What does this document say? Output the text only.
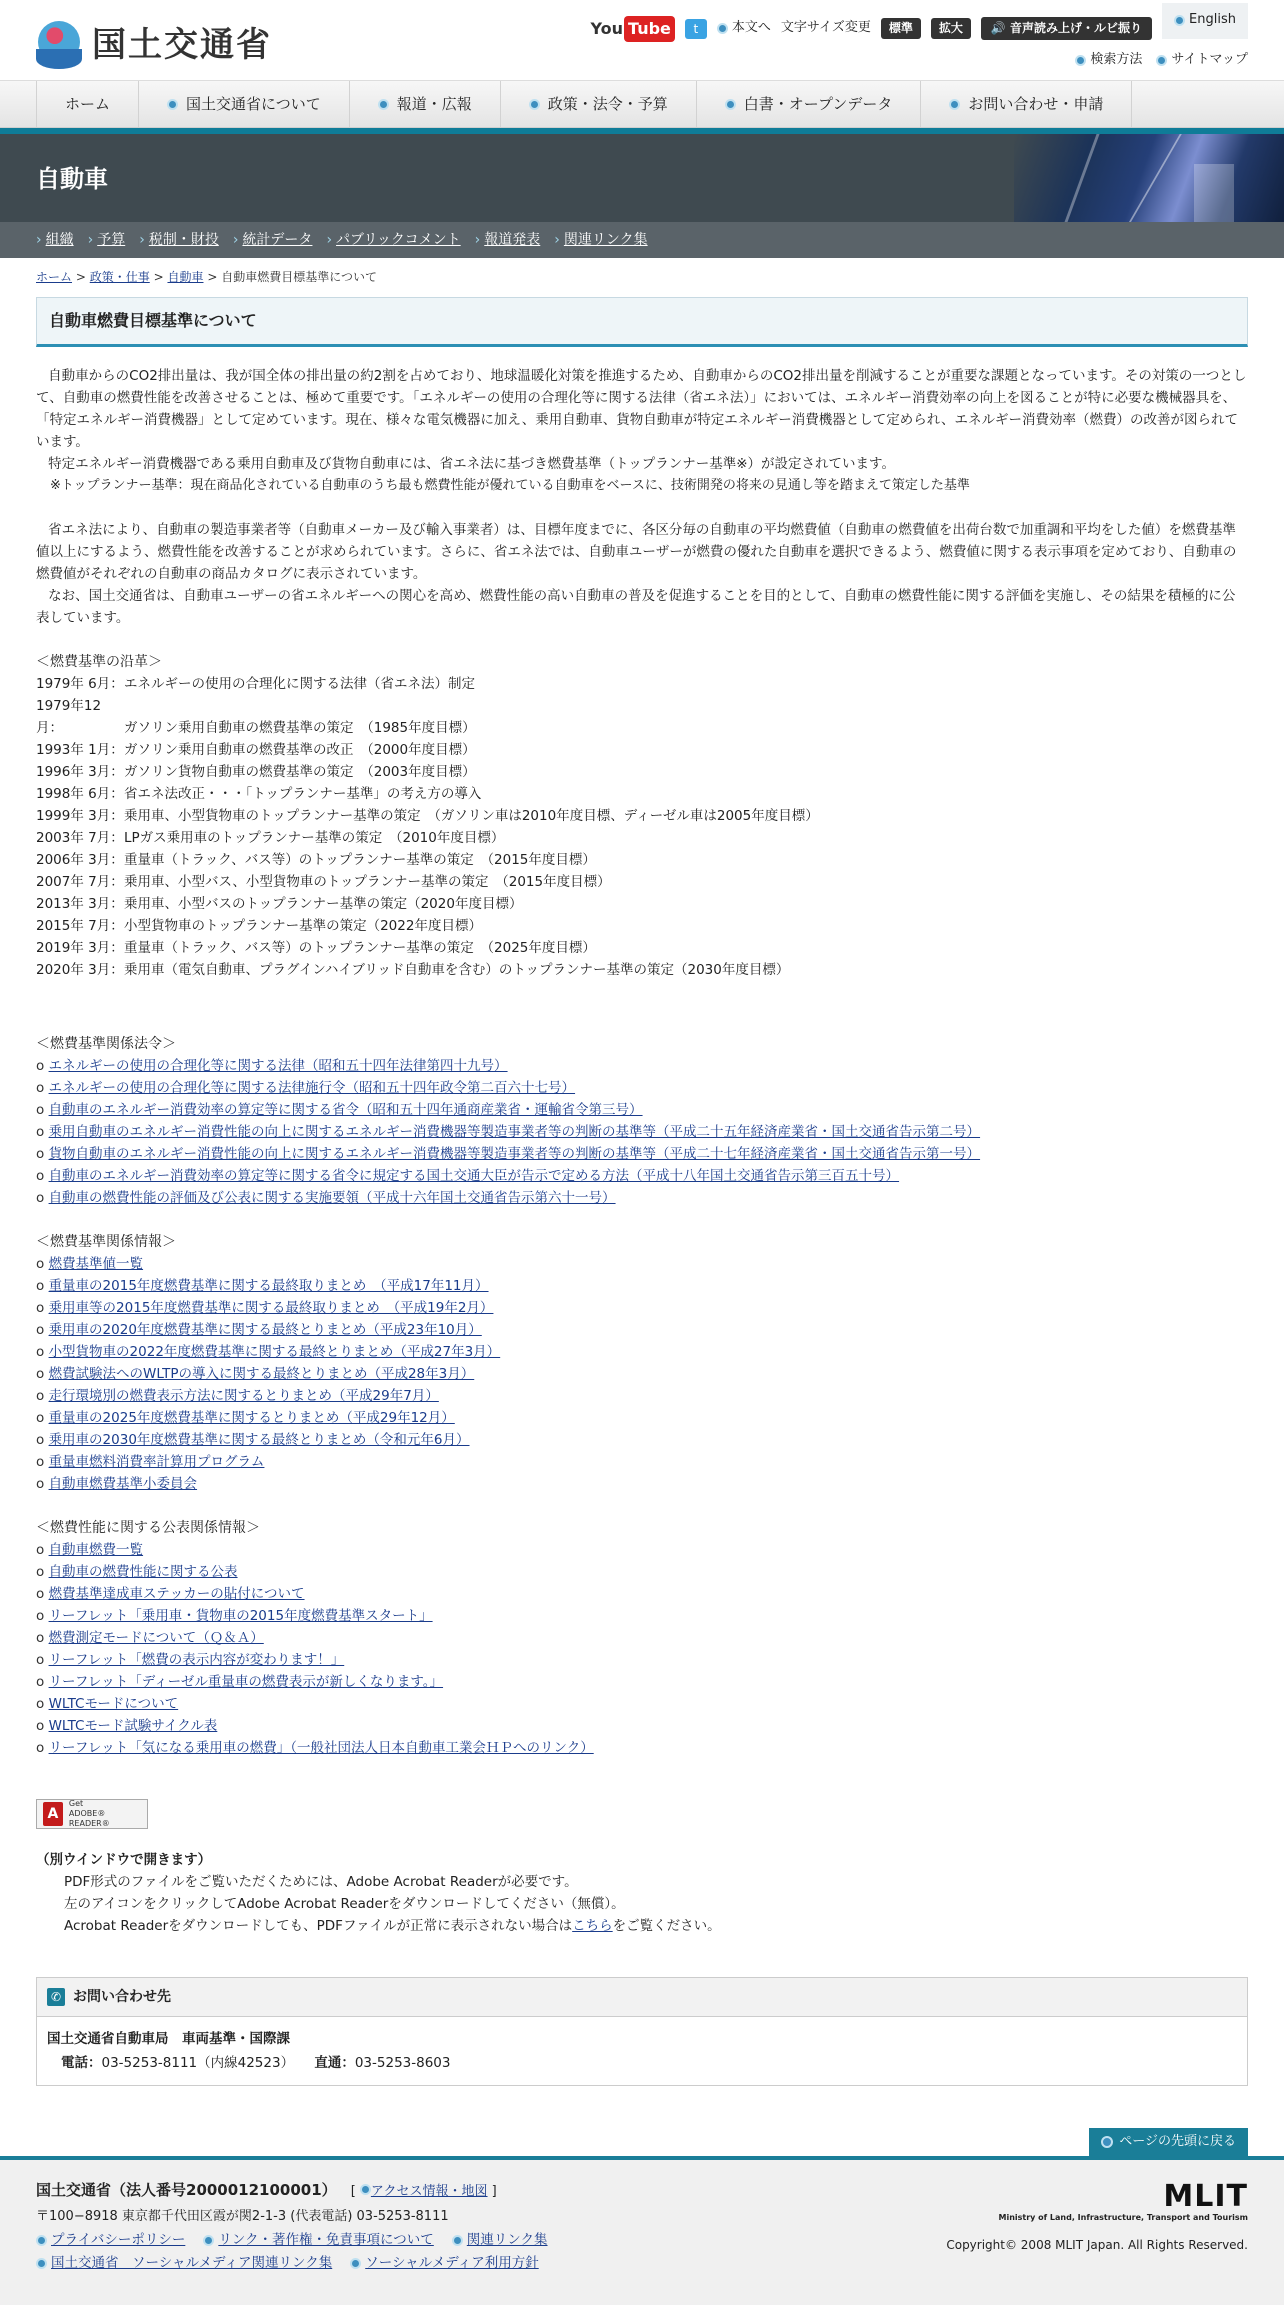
国土交通省	You Tube	t	本文へ 文字サイズ変更	標準	拡大	🔊 音声読み上げ・ルビ振り
English
検索方法 サイトマップ
ホーム	国土交通省について	報道・広報	政策・法令・予算	白書・オープンデータ	お問い合わせ・申請
自動車
› 組織 › 予算 › 税制・財投 › 統計データ › パブリックコメント › 報道発表 › 関連リンク集
ホーム > 政策・仕事 > 自動車 > 自動車燃費目標基準について
自動車燃費目標基準について

自動車からのCO2排出量は、我が国全体の排出量の約2割を占めており、地球温暖化対策を推進するため、自動車からのCO2排出量を削減することが重要な課題となっています。その対策の一つとして、自動車の燃費性能を改善させることは、極めて重要です。「エネルギーの使用の合理化等に関する法律（省エネ法）」においては、エネルギー消費効率の向上を図ることが特に必要な機械器具を、「特定エネルギー消費機器」として定めています。現在、様々な電気機器に加え、乗用自動車、貨物自動車が特定エネルギー消費機器として定められ、エネルギー消費効率（燃費）の改善が図られています。

特定エネルギー消費機器である乗用自動車及び貨物自動車には、省エネ法に基づき燃費基準（トップランナー基準※）が設定されています。

※トップランナー基準：現在商品化されている自動車のうち最も燃費性能が優れている自動車をベースに、技術開発の将来の見通し等を踏まえて策定した基準

省エネ法により、自動車の製造事業者等（自動車メーカー及び輸入事業者）は、目標年度までに、各区分毎の自動車の平均燃費値（自動車の燃費値を出荷台数で加重調和平均をした値）を燃費基準値以上にするよう、燃費性能を改善することが求められています。さらに、省エネ法では、自動車ユーザーが燃費の優れた自動車を選択できるよう、燃費値に関する表示事項を定めており、自動車の燃費値がそれぞれの自動車の商品カタログに表示されています。

なお、国土交通省は、自動車ユーザーの省エネルギーへの関心を高め、燃費性能の高い自動車の普及を促進することを目的として、自動車の燃費性能に関する評価を実施し、その結果を積極的に公表しています。

＜燃費基準の沿革＞
1979年 6月：エネルギーの使用の合理化に関する法律（省エネ法）制定
1979年12月：	ガソリン乗用自動車の燃費基準の策定　（1985年度目標）
1993年 1月：ガソリン乗用自動車の燃費基準の改正　（2000年度目標）
1996年 3月：ガソリン貨物自動車の燃費基準の策定　（2003年度目標）
1998年 6月：省エネ法改正・・・「トップランナー基準」の考え方の導入
1999年 3月：乗用車、小型貨物車のトップランナー基準の策定　（ガソリン車は2010年度目標、ディーゼル車は2005年度目標）
2003年 7月：LPガス乗用車のトップランナー基準の策定　（2010年度目標）
2006年 3月：重量車（トラック、バス等）のトップランナー基準の策定　（2015年度目標）
2007年 7月：乗用車、小型バス、小型貨物車のトップランナー基準の策定　（2015年度目標）
2013年 3月：乗用車、小型バスのトップランナー基準の策定（2020年度目標）
2015年 7月：小型貨物車のトップランナー基準の策定（2022年度目標）
2019年 3月：重量車（トラック、バス等）のトップランナー基準の策定　（2025年度目標）
2020年 3月：乗用車（電気自動車、プラグインハイブリッド自動車を含む）のトップランナー基準の策定（2030年度目標）
＜燃費基準関係法令＞
o エネルギーの使用の合理化等に関する法律（昭和五十四年法律第四十九号）
o エネルギーの使用の合理化等に関する法律施行令（昭和五十四年政令第二百六十七号）
o 自動車のエネルギー消費効率の算定等に関する省令（昭和五十四年通商産業省・運輸省令第三号）
o 乗用自動車のエネルギー消費性能の向上に関するエネルギー消費機器等製造事業者等の判断の基準等（平成二十五年経済産業省・国土交通省告示第二号）
o 貨物自動車のエネルギー消費性能の向上に関するエネルギー消費機器等製造事業者等の判断の基準等（平成二十七年経済産業省・国土交通省告示第一号）
o 自動車のエネルギー消費効率の算定等に関する省令に規定する国土交通大臣が告示で定める方法（平成十八年国土交通省告示第三百五十号）
o 自動車の燃費性能の評価及び公表に関する実施要領（平成十六年国土交通省告示第六十一号）
＜燃費基準関係情報＞
o 燃費基準値一覧
o 重量車の2015年度燃費基準に関する最終取りまとめ　（平成17年11月）
o 乗用車等の2015年度燃費基準に関する最終取りまとめ　（平成19年2月）
o 乗用車の2020年度燃費基準に関する最終とりまとめ（平成23年10月）
o 小型貨物車の2022年度燃費基準に関する最終とりまとめ（平成27年3月）
o 燃費試験法へのWLTPの導入に関する最終とりまとめ（平成28年3月）
o 走行環境別の燃費表示方法に関するとりまとめ（平成29年7月）
o 重量車の2025年度燃費基準に関するとりまとめ（平成29年12月）
o 乗用車の2030年度燃費基準に関する最終とりまとめ（令和元年6月）
o 重量車燃料消費率計算用プログラム
o 自動車燃費基準小委員会
＜燃費性能に関する公表関係情報＞
o 自動車燃費一覧
o 自動車の燃費性能に関する公表
o 燃費基準達成車ステッカーの貼付について
o リーフレット「乗用車・貨物車の2015年度燃費基準スタート」
o 燃費測定モードについて（Ｑ＆Ａ）
o リーフレット「燃費の表示内容が変わります！」
o リーフレット「ディーゼル重量車の燃費表示が新しくなります。」
o WLTCモードについて
o WLTCモード試験サイクル表
o リーフレット「気になる乗用車の燃費」（一般社団法人日本自動車工業会ＨＰへのリンク）
A
Get
ADOBE® READER®
（別ウインドウで開きます）
PDF形式のファイルをご覧いただくためには、Adobe Acrobat Readerが必要です。
左のアイコンをクリックしてAdobe Acrobat Readerをダウンロードしてください（無償）。
Acrobat Readerをダウンロードしても、PDFファイルが正常に表示されない場合はこちらをご覧ください。
✆ お問い合わせ先
国土交通省自動車局　車両基準・国際課
電話：03-5253-8111（内線42523）　　 直通：03-5253-8603
ページの先頭に戻る
国土交通省（法人番号2000012100001） [ アクセス情報・地図 ]
〒100−8918 東京都千代田区霞が関2-1-3 (代表電話) 03-5253-8111
プライバシーポリシー リンク・著作権・免責事項について 関連リンク集
国土交通省　ソーシャルメディア関連リンク集 ソーシャルメディア利用方針
MLIT
Ministry of Land, Infrastructure, Transport and Tourism
Copyright© 2008 MLIT Japan. All Rights Reserved.
